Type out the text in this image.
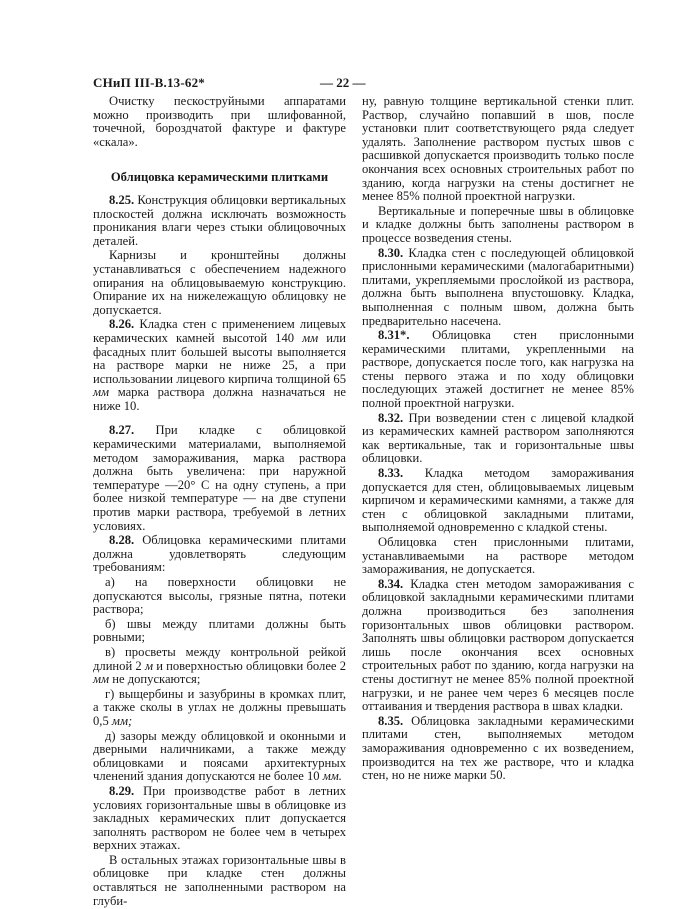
СНиП III-В.13-62*	— 22 —

Очистку пескоструйными аппаратами можно производить при шлифованной, точечной, бороздчатой фактуре и фактуре «скала».

Облицовка керамическими плитками

8.25. Конструкция облицовки вертикальных плоскостей должна исключать возможность проникания влаги через стыки облицовочных деталей.

Карнизы и кронштейны должны устанавливаться с обеспечением надежного опирания на облицовываемую конструкцию. Опирание их на нижележащую облицовку не допускается.

8.26. Кладка стен с применением лицевых керамических камней высотой 140 мм или фасадных плит большей высоты выполняется на растворе марки не ниже 25, а при использовании лицевого кирпича толщиной 65 мм марка раствора должна назначаться не ниже 10.

8.27. При кладке с облицовкой керамическими материалами, выполняемой методом замораживания, марка раствора должна быть увеличена: при наружной температуре —20° С на одну ступень, а при более низкой температуре — на две ступени против марки раствора, требуемой в летних условиях.

8.28. Облицовка керамическими плитами должна удовлетворять следующим требованиям:

а) на поверхности облицовки не допускаются высолы, грязные пятна, потеки раствора;

б) швы между плитами должны быть ровными;

в) просветы между контрольной рейкой длиной 2 м и поверхностью облицовки более 2 мм не допускаются;

г) выщербины и зазубрины в кромках плит, а также сколы в углах не должны превышать 0,5 мм;

д) зазоры между облицовкой и оконными и дверными наличниками, а также между облицовками и поясами архитектурных членений здания допускаются не более 10 мм.

8.29. При производстве работ в летних условиях горизонтальные швы в облицовке из закладных керамических плит допускается заполнять раствором не более чем в четырех верхних этажах.

В остальных этажах горизонтальные швы в облицовке при кладке стен должны оставляться не заполненными раствором на глуби-

ну, равную толщине вертикальной стенки плит. Раствор, случайно попавший в шов, после установки плит соответствующего ряда следует удалять. Заполнение раствором пустых швов с расшивкой допускается производить только после окончания всех основных строительных работ по зданию, когда нагрузки на стены достигнет не менее 85% полной проектной нагрузки.

Вертикальные и поперечные швы в облицовке и кладке должны быть заполнены раствором в процессе возведения стены.

8.30. Кладка стен с последующей облицовкой прислонными керамическими (малогабаритными) плитами, укрепляемыми прослойкой из раствора, должна быть выполнена впустошовку. Кладка, выполненная с полным швом, должна быть предварительно насечена.

8.31*. Облицовка стен прислонными керамическими плитами, укрепленными на растворе, допускается после того, как нагрузка на стены первого этажа и по ходу облицовки последующих этажей достигнет не менее 85% полной проектной нагрузки.

8.32. При возведении стен с лицевой кладкой из керамических камней раствором заполняются как вертикальные, так и горизонтальные швы облицовки.

8.33. Кладка методом замораживания допускается для стен, облицовываемых лицевым кирпичом и керамическими камнями, а также для стен с облицовкой закладными плитами, выполняемой одновременно с кладкой стены.

Облицовка стен прислонными плитами, устанавливаемыми на растворе методом замораживания, не допускается.

8.34. Кладка стен методом замораживания с облицовкой закладными керамическими плитами должна производиться без заполнения горизонтальных швов облицовки раствором. Заполнять швы облицовки раствором допускается лишь после окончания всех основных строительных работ по зданию, когда нагрузки на стены достигнут не менее 85% полной проектной нагрузки, и не ранее чем через 6 месяцев после оттаивания и твердения раствора в швах кладки.

8.35. Облицовка закладными керамическими плитами стен, выполняемых методом замораживания одновременно с их возведением, производится на тех же растворе, что и кладка стен, но не ниже марки 50.
